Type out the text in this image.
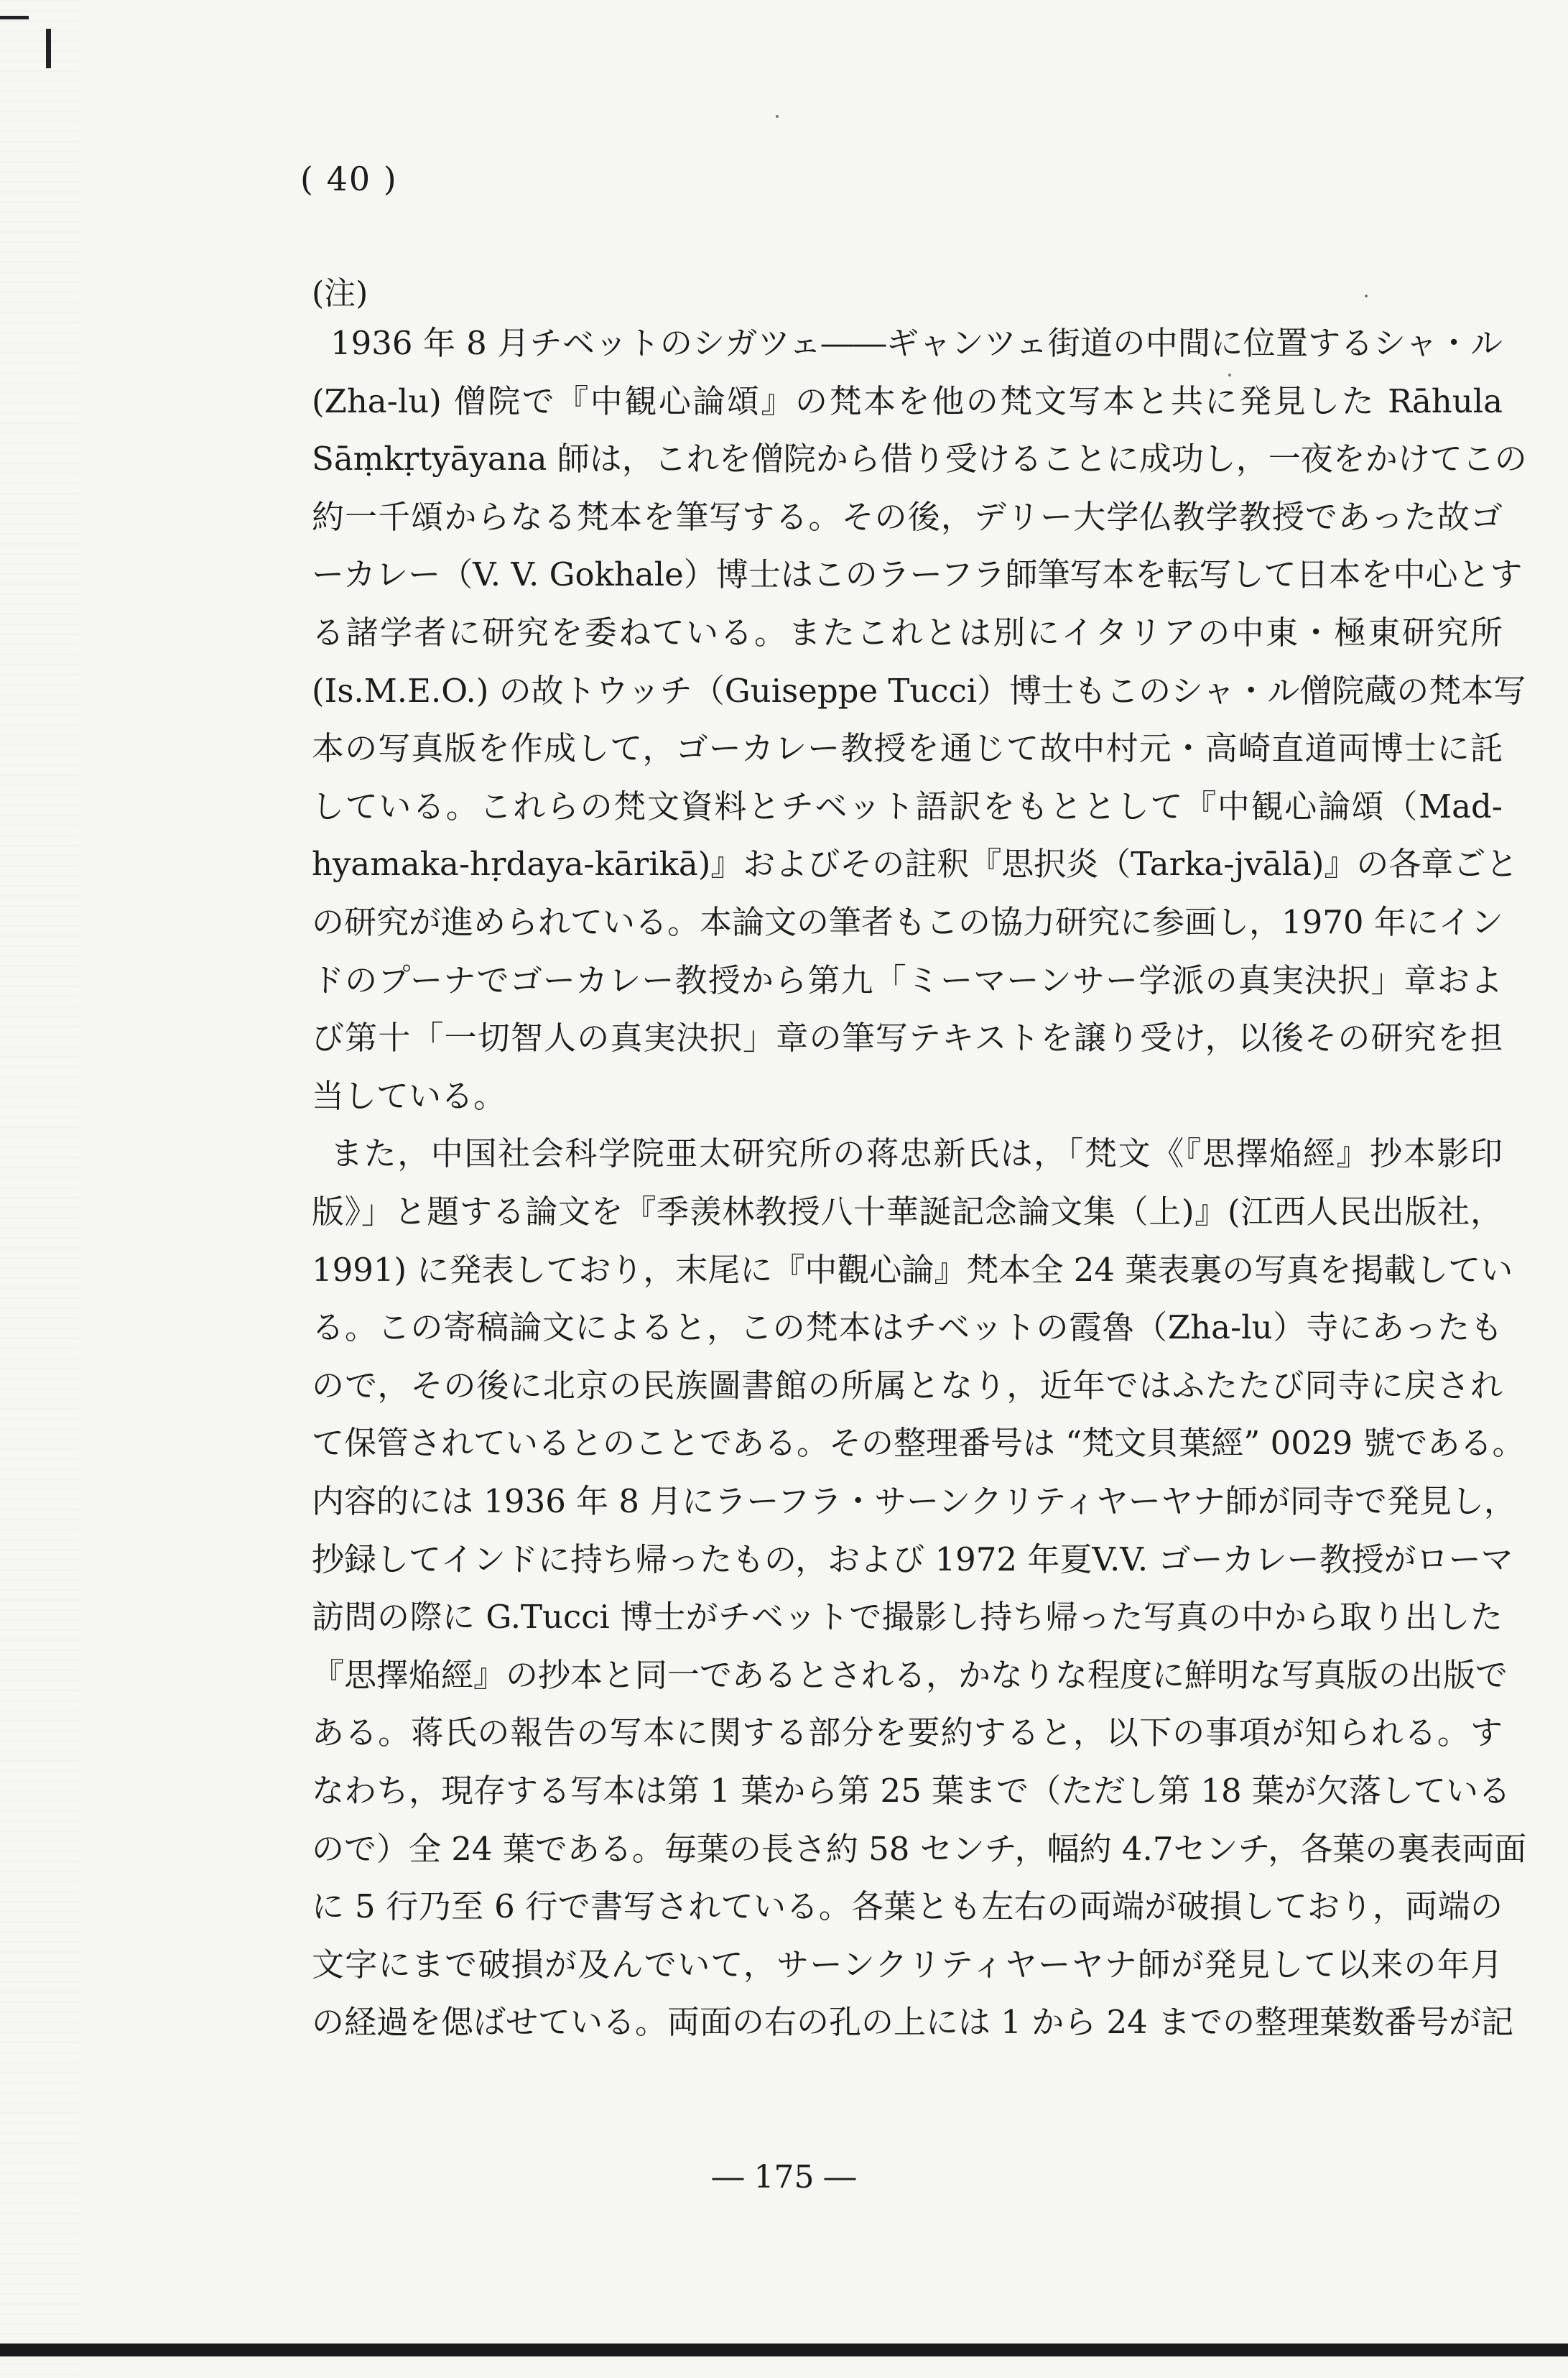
( 40 )
(注)
1936 年 8 月チベットのシガツェ――ギャンツェ街道の中間に位置するシャ・ル
(Zha-lu) 僧院で『中観心論頌』の梵本を他の梵文写本と共に発見した Rāhula
Sāṃkṛtyāyana 師は，これを僧院から借り受けることに成功し，一夜をかけてこの
約一千頌からなる梵本を筆写する。その後，デリー大学仏教学教授であった故ゴ
ーカレー（V. V. Gokhale）博士はこのラーフラ師筆写本を転写して日本を中心とす
る諸学者に研究を委ねている。またこれとは別にイタリアの中東・極東研究所
(Is.M.E.O.) の故トウッチ（Guiseppe Tucci）博士もこのシャ・ル僧院蔵の梵本写
本の写真版を作成して，ゴーカレー教授を通じて故中村元・高崎直道両博士に託
している。これらの梵文資料とチベット語訳をもととして『中観心論頌（Mad-
hyamaka-hṛdaya-kārikā)』およびその註釈『思択炎（Tarka-jvālā)』の各章ごと
の研究が進められている。本論文の筆者もこの協力研究に参画し，1970 年にイン
ドのプーナでゴーカレー教授から第九「ミーマーンサー学派の真実決択」章およ
び第十「一切智人の真実決択」章の筆写テキストを譲り受け，以後その研究を担
当している。
また，中国社会科学院亜太研究所の蒋忠新氏は，「梵文《『思擇焔經』抄本影印
版》」と題する論文を『季羡林教授八十華誕記念論文集（上)』(江西人民出版社，
1991) に発表しており，末尾に『中觀心論』梵本全 24 葉表裏の写真を掲載してい
る。この寄稿論文によると，この梵本はチベットの霞魯（Zha-lu）寺にあったも
ので，その後に北京の民族圖書館の所属となり，近年ではふたたび同寺に戻され
て保管されているとのことである。その整理番号は “梵文貝葉經” 0029 號である。
内容的には 1936 年 8 月にラーフラ・サーンクリティヤーヤナ師が同寺で発見し，
抄録してインドに持ち帰ったもの，および 1972 年夏V.V. ゴーカレー教授がローマ
訪問の際に G.Tucci 博士がチベットで撮影し持ち帰った写真の中から取り出した
『思擇焔經』の抄本と同一であるとされる，かなりな程度に鮮明な写真版の出版で
ある。蒋氏の報告の写本に関する部分を要約すると，以下の事項が知られる。す
なわち，現存する写本は第 1 葉から第 25 葉まで（ただし第 18 葉が欠落している
ので）全 24 葉である。毎葉の長さ約 58 センチ，幅約 4.7センチ，各葉の裏表両面
に 5 行乃至 6 行で書写されている。各葉とも左右の両端が破損しており，両端の
文字にまで破損が及んでいて，サーンクリティヤーヤナ師が発見して以来の年月
の経過を偲ばせている。両面の右の孔の上には 1 から 24 までの整理葉数番号が記
― 175 ―
